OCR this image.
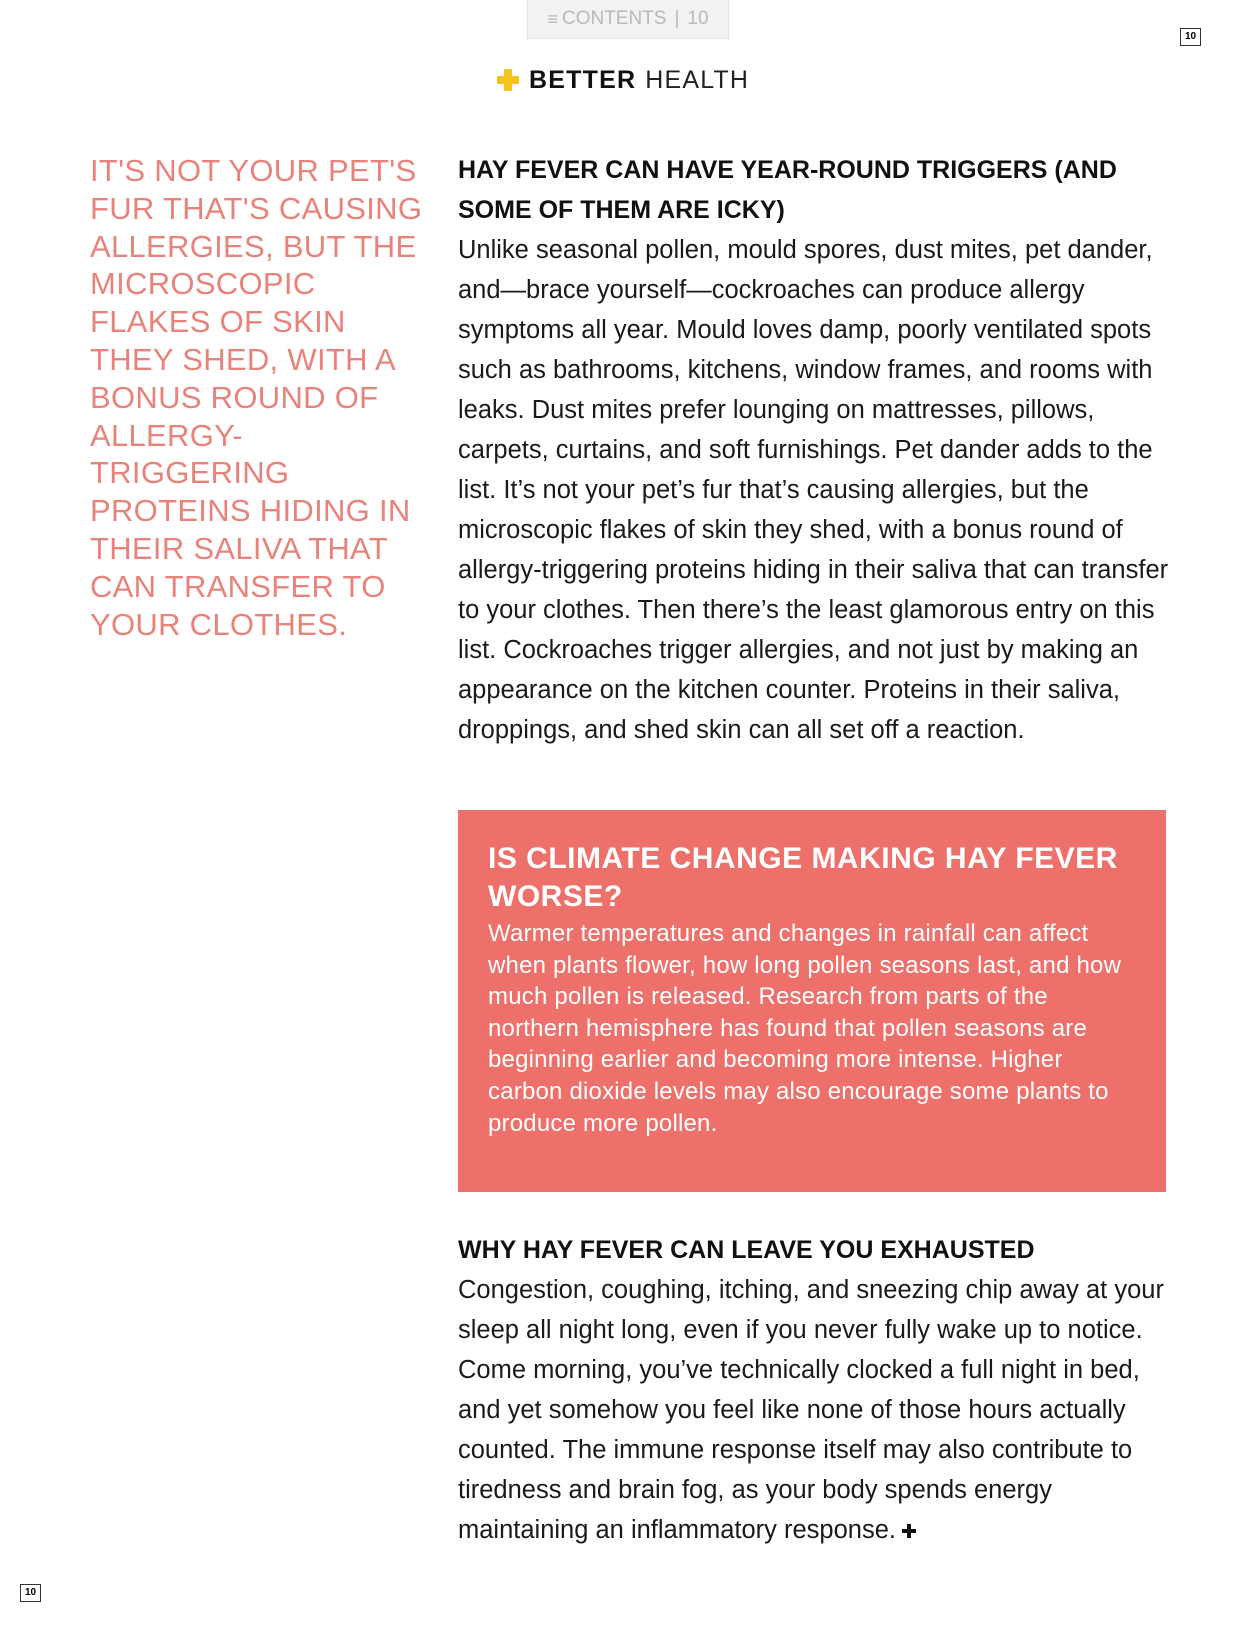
≡ CONTENTS | 10
10
10
BETTER HEALTH
IT'S NOT YOUR PET'S FUR THAT'S CAUSING ALLERGIES, BUT THE MICROSCOPIC FLAKES OF SKIN THEY SHED, WITH A BONUS ROUND OF ALLERGY-TRIGGERING PROTEINS HIDING IN THEIR SALIVA THAT CAN TRANSFER TO YOUR CLOTHES.
HAY FEVER CAN HAVE YEAR-ROUND TRIGGERS (AND SOME OF THEM ARE ICKY)

Unlike seasonal pollen, mould spores, dust mites, pet dander, and—brace yourself—cockroaches can produce allergy symptoms all year. Mould loves damp, poorly ventilated spots such as bathrooms, kitchens, window frames, and rooms with leaks. Dust mites prefer lounging on mattresses, pillows, carpets, curtains, and soft furnishings. Pet dander adds to the list. It’s not your pet’s fur that’s causing allergies, but the microscopic flakes of skin they shed, with a bonus round of allergy-triggering proteins hiding in their saliva that can transfer to your clothes. Then there’s the least glamorous entry on this list. Cockroaches trigger allergies, and not just by making an appearance on the kitchen counter. Proteins in their saliva, droppings, and shed skin can all set off a reaction.

IS CLIMATE CHANGE MAKING HAY FEVER WORSE?

Warmer temperatures and changes in rainfall can affect when plants flower, how long pollen seasons last, and how much pollen is released. Research from parts of the northern hemisphere has found that pollen seasons are beginning earlier and becoming more intense. Higher carbon dioxide levels may also encourage some plants to produce more pollen.

WHY HAY FEVER CAN LEAVE YOU EXHAUSTED

Congestion, coughing, itching, and sneezing chip away at your sleep all night long, even if you never fully wake up to notice. Come morning, you’ve technically clocked a full night in bed, and yet somehow you feel like none of those hours actually counted. The immune response itself may also contribute to tiredness and brain fog, as your body spends energy maintaining an inflammatory response.
